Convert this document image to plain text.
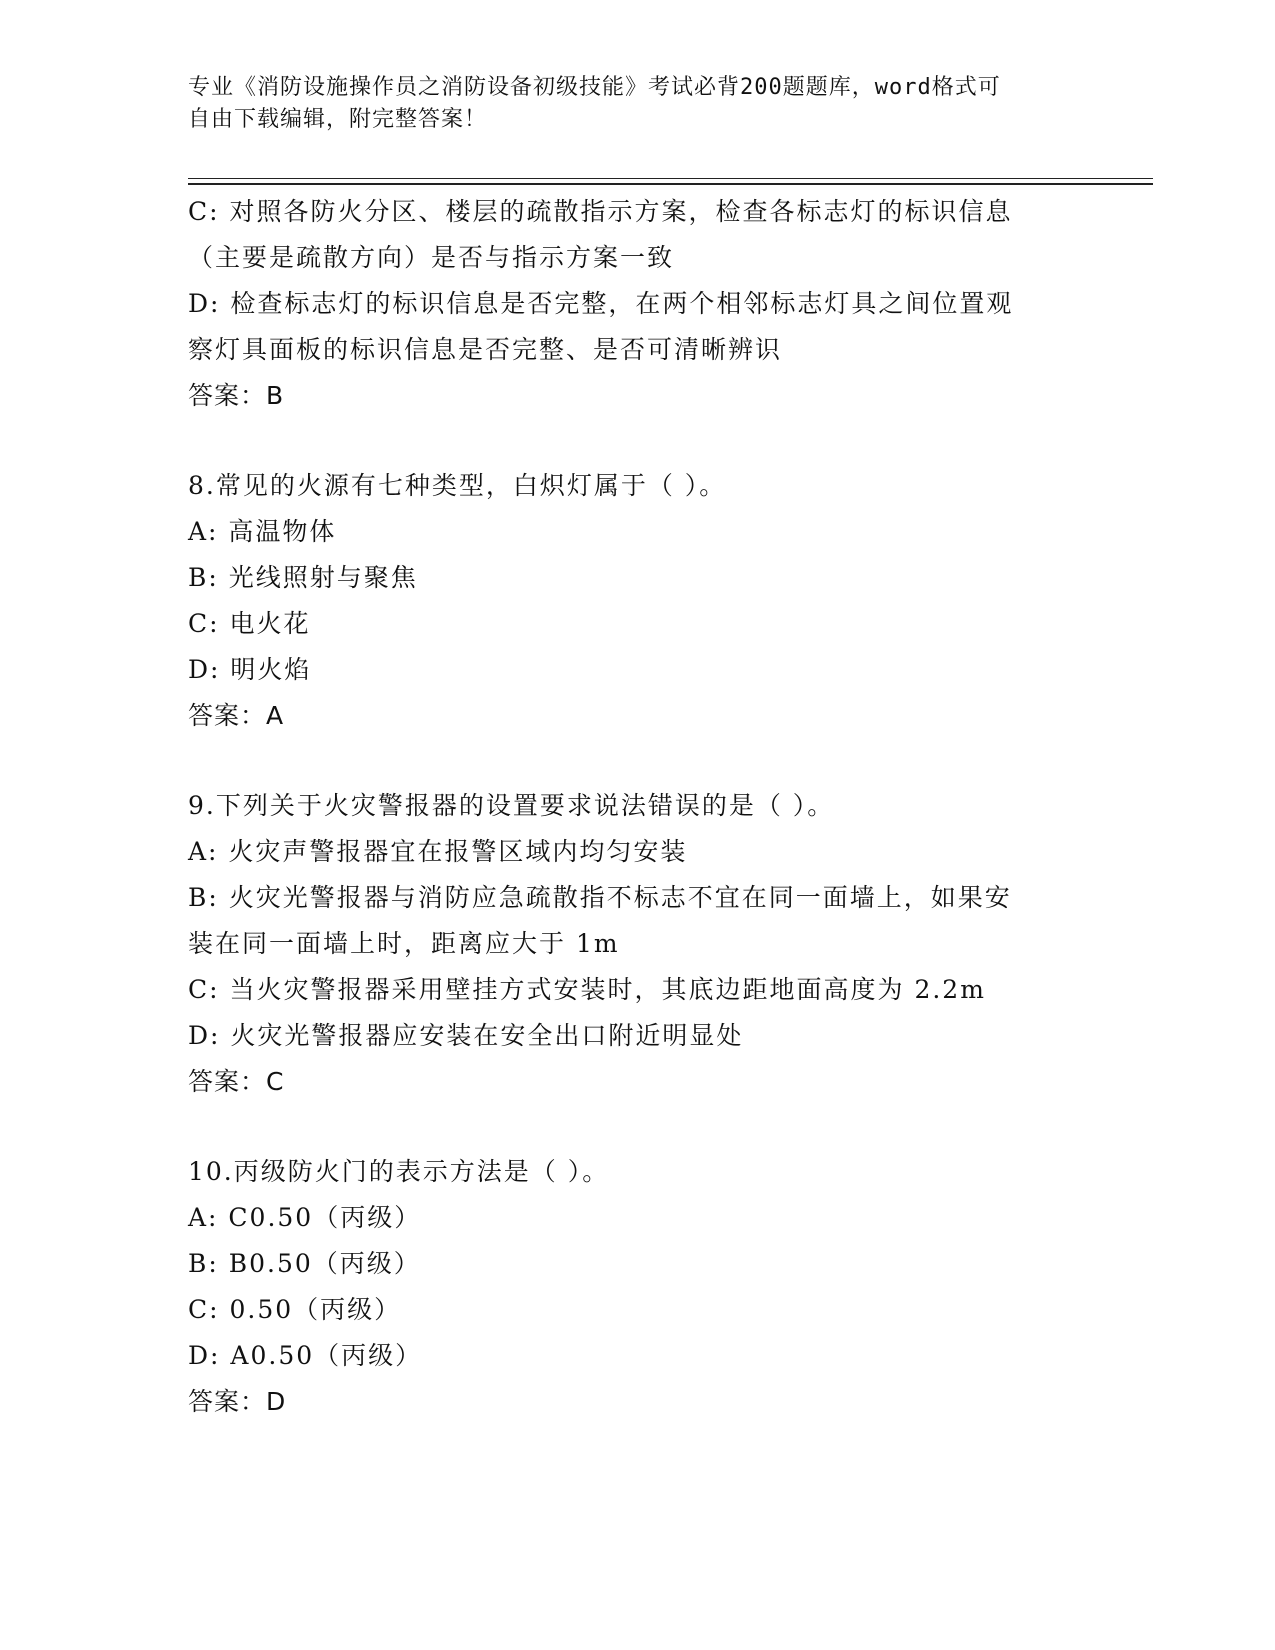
专业《消防设施操作员之消防设备初级技能》考试必背200题题库，word格式可
自由下载编辑，附完整答案！
C: 对照各防火分区、楼层的疏散指示方案，检查各标志灯的标识信息
（主要是疏散方向）是否与指示方案一致
D: 检查标志灯的标识信息是否完整，在两个相邻标志灯具之间位置观
察灯具面板的标识信息是否完整、是否可清晰辨识
答案：B
8.常见的火源有七种类型，白炽灯属于（ ）。
A: 高温物体
B: 光线照射与聚焦
C: 电火花
D: 明火焰
答案：A
9.下列关于火灾警报器的设置要求说法错误的是（ ）。
A: 火灾声警报器宜在报警区域内均匀安装
B: 火灾光警报器与消防应急疏散指不标志不宜在同一面墙上，如果安
装在同一面墙上时，距离应大于 1m
C: 当火灾警报器采用壁挂方式安装时，其底边距地面高度为 2.2m
D: 火灾光警报器应安装在安全出口附近明显处
答案：C
10.丙级防火门的表示方法是（ ）。
A: C0.50（丙级）
B: B0.50（丙级）
C: 0.50（丙级）
D: A0.50（丙级）
答案：D
